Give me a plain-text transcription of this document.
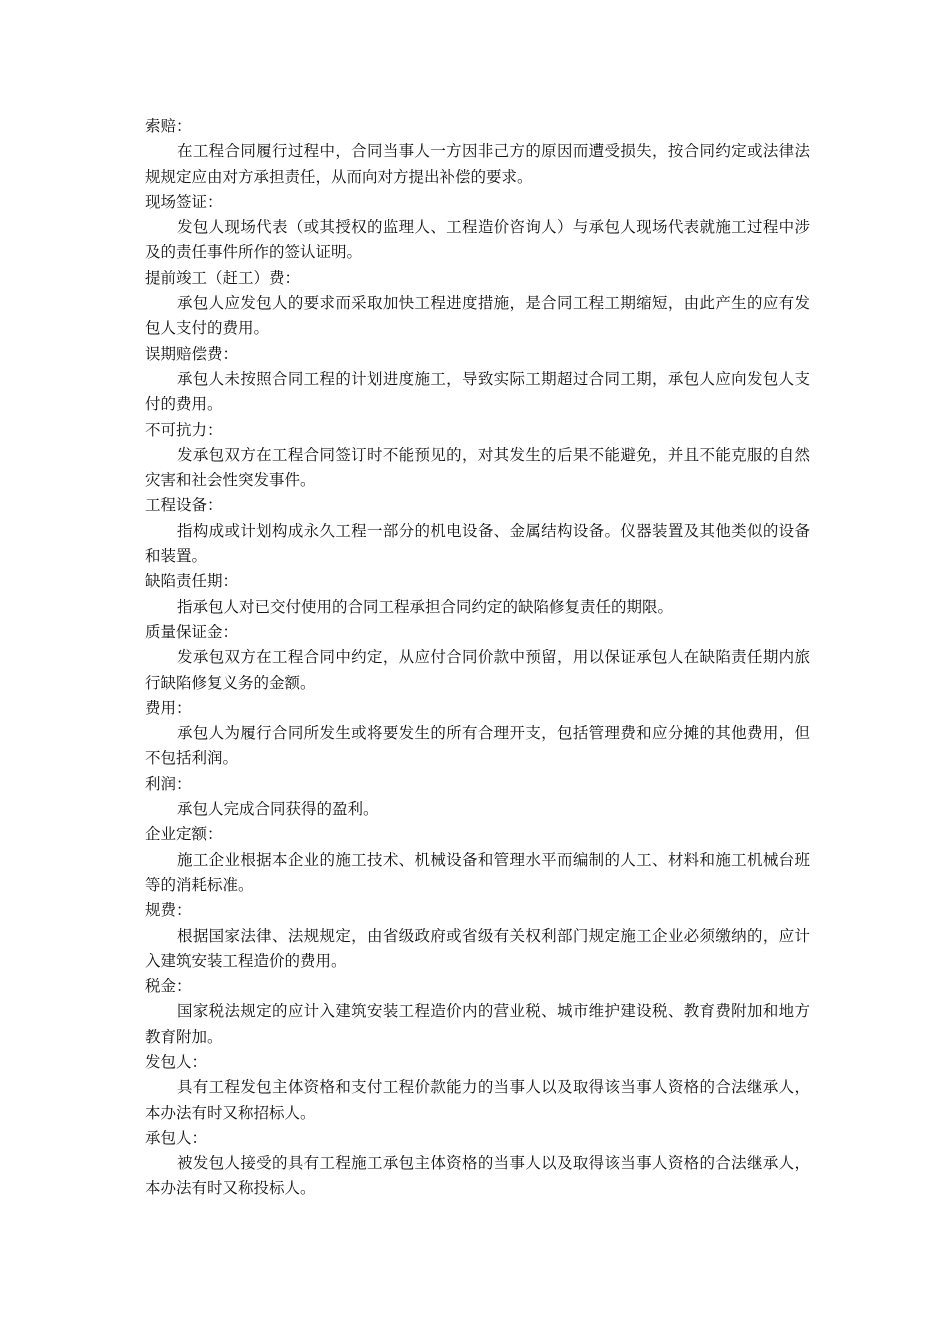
索赔：
在工程合同履行过程中，合同当事人一方因非己方的原因而遭受损失，按合同约定或法律法规规定应由对方承担责任，从而向对方提出补偿的要求。
现场签证：
发包人现场代表（或其授权的监理人、工程造价咨询人）与承包人现场代表就施工过程中涉及的责任事件所作的签认证明。
提前竣工（赶工）费：
承包人应发包人的要求而采取加快工程进度措施，是合同工程工期缩短，由此产生的应有发包人支付的费用。
误期赔偿费：
承包人未按照合同工程的计划进度施工，导致实际工期超过合同工期，承包人应向发包人支付的费用。
不可抗力：
发承包双方在工程合同签订时不能预见的，对其发生的后果不能避免，并且不能克服的自然灾害和社会性突发事件。
工程设备：
指构成或计划构成永久工程一部分的机电设备、金属结构设备。仪器装置及其他类似的设备和装置。
缺陷责任期：
指承包人对已交付使用的合同工程承担合同约定的缺陷修复责任的期限。
质量保证金：
发承包双方在工程合同中约定，从应付合同价款中预留，用以保证承包人在缺陷责任期内旅行缺陷修复义务的金额。
费用：
承包人为履行合同所发生或将要发生的所有合理开支，包括管理费和应分摊的其他费用，但不包括利润。
利润：
承包人完成合同获得的盈利。
企业定额：
施工企业根据本企业的施工技术、机械设备和管理水平而编制的人工、材料和施工机械台班等的消耗标准。
规费：
根据国家法律、法规规定，由省级政府或省级有关权利部门规定施工企业必须缴纳的，应计入建筑安装工程造价的费用。
税金：
国家税法规定的应计入建筑安装工程造价内的营业税、城市维护建设税、教育费附加和地方教育附加。
发包人：
具有工程发包主体资格和支付工程价款能力的当事人以及取得该当事人资格的合法继承人，本办法有时又称招标人。
承包人：
被发包人接受的具有工程施工承包主体资格的当事人以及取得该当事人资格的合法继承人，本办法有时又称投标人。
